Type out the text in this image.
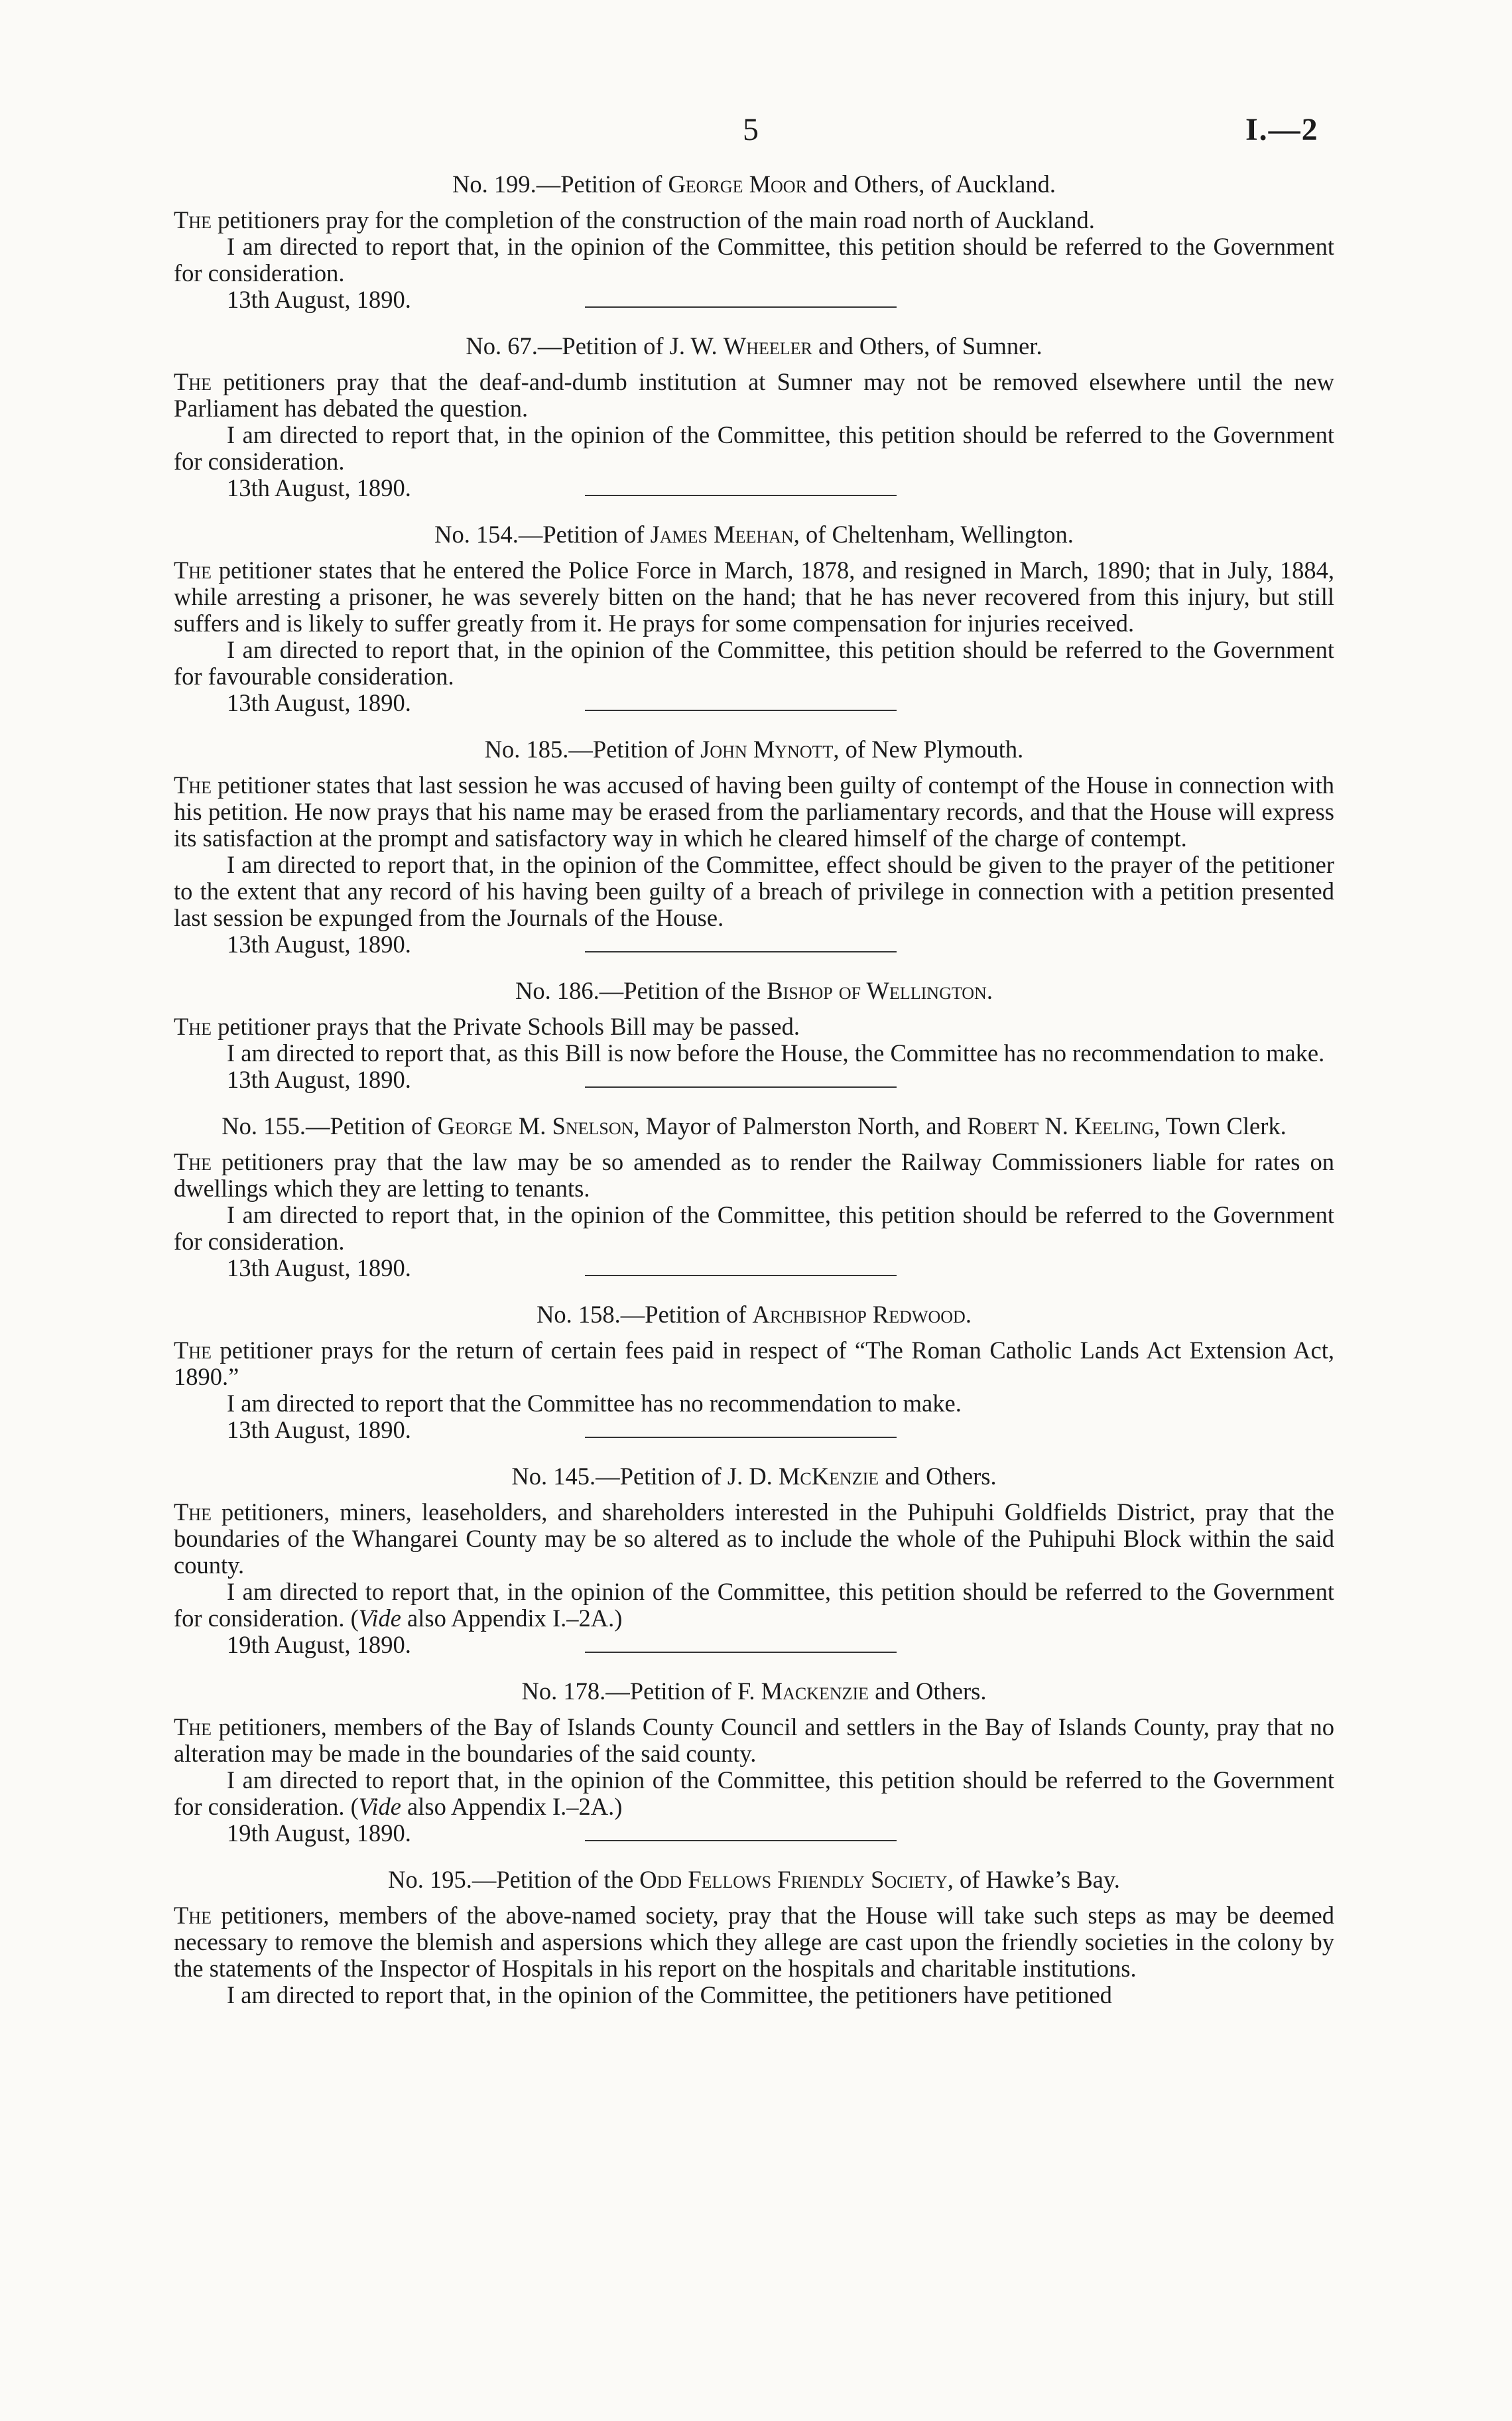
5	I.—2

No. 199.—Petition of George Moor and Others, of Auckland.

The petitioners pray for the completion of the construction of the main road north of Auckland.

I am directed to report that, in the opinion of the Committee, this petition should be referred to the Government for consideration.

13th August, 1890.

No. 67.—Petition of J. W. Wheeler and Others, of Sumner.

The petitioners pray that the deaf-and-dumb institution at Sumner may not be removed elsewhere until the new Parliament has debated the question.

I am directed to report that, in the opinion of the Committee, this petition should be referred to the Government for consideration.

13th August, 1890.

No. 154.—Petition of James Meehan, of Cheltenham, Wellington.

The petitioner states that he entered the Police Force in March, 1878, and resigned in March, 1890; that in July, 1884, while arresting a prisoner, he was severely bitten on the hand; that he has never recovered from this injury, but still suffers and is likely to suffer greatly from it. He prays for some compensation for injuries received.

I am directed to report that, in the opinion of the Committee, this petition should be referred to the Government for favourable consideration.

13th August, 1890.

No. 185.—Petition of John Mynott, of New Plymouth.

The petitioner states that last session he was accused of having been guilty of contempt of the House in connection with his petition. He now prays that his name may be erased from the parliamentary records, and that the House will express its satisfaction at the prompt and satisfactory way in which he cleared himself of the charge of contempt.

I am directed to report that, in the opinion of the Committee, effect should be given to the prayer of the petitioner to the extent that any record of his having been guilty of a breach of privilege in connection with a petition presented last session be expunged from the Journals of the House.

13th August, 1890.

No. 186.—Petition of the Bishop of Wellington.

The petitioner prays that the Private Schools Bill may be passed.

I am directed to report that, as this Bill is now before the House, the Committee has no recommendation to make.

13th August, 1890.

No. 155.—Petition of George M. Snelson, Mayor of Palmerston North, and Robert N. Keeling, Town Clerk.

The petitioners pray that the law may be so amended as to render the Railway Commissioners liable for rates on dwellings which they are letting to tenants.

I am directed to report that, in the opinion of the Committee, this petition should be referred to the Government for consideration.

13th August, 1890.

No. 158.—Petition of Archbishop Redwood.

The petitioner prays for the return of certain fees paid in respect of “The Roman Catholic Lands Act Extension Act, 1890.”

I am directed to report that the Committee has no recommendation to make.

13th August, 1890.

No. 145.—Petition of J. D. McKenzie and Others.

The petitioners, miners, leaseholders, and shareholders interested in the Puhipuhi Goldfields District, pray that the boundaries of the Whangarei County may be so altered as to include the whole of the Puhipuhi Block within the said county.

I am directed to report that, in the opinion of the Committee, this petition should be referred to the Government for consideration. (Vide also Appendix I.–2A.)

19th August, 1890.

No. 178.—Petition of F. Mackenzie and Others.

The petitioners, members of the Bay of Islands County Council and settlers in the Bay of Islands County, pray that no alteration may be made in the boundaries of the said county.

I am directed to report that, in the opinion of the Committee, this petition should be referred to the Government for consideration. (Vide also Appendix I.–2A.)

19th August, 1890.

No. 195.—Petition of the Odd Fellows Friendly Society, of Hawke’s Bay.

The petitioners, members of the above-named society, pray that the House will take such steps as may be deemed necessary to remove the blemish and aspersions which they allege are cast upon the friendly societies in the colony by the statements of the Inspector of Hospitals in his report on the hospitals and charitable institutions.

I am directed to report that, in the opinion of the Committee, the petitioners have petitioned
